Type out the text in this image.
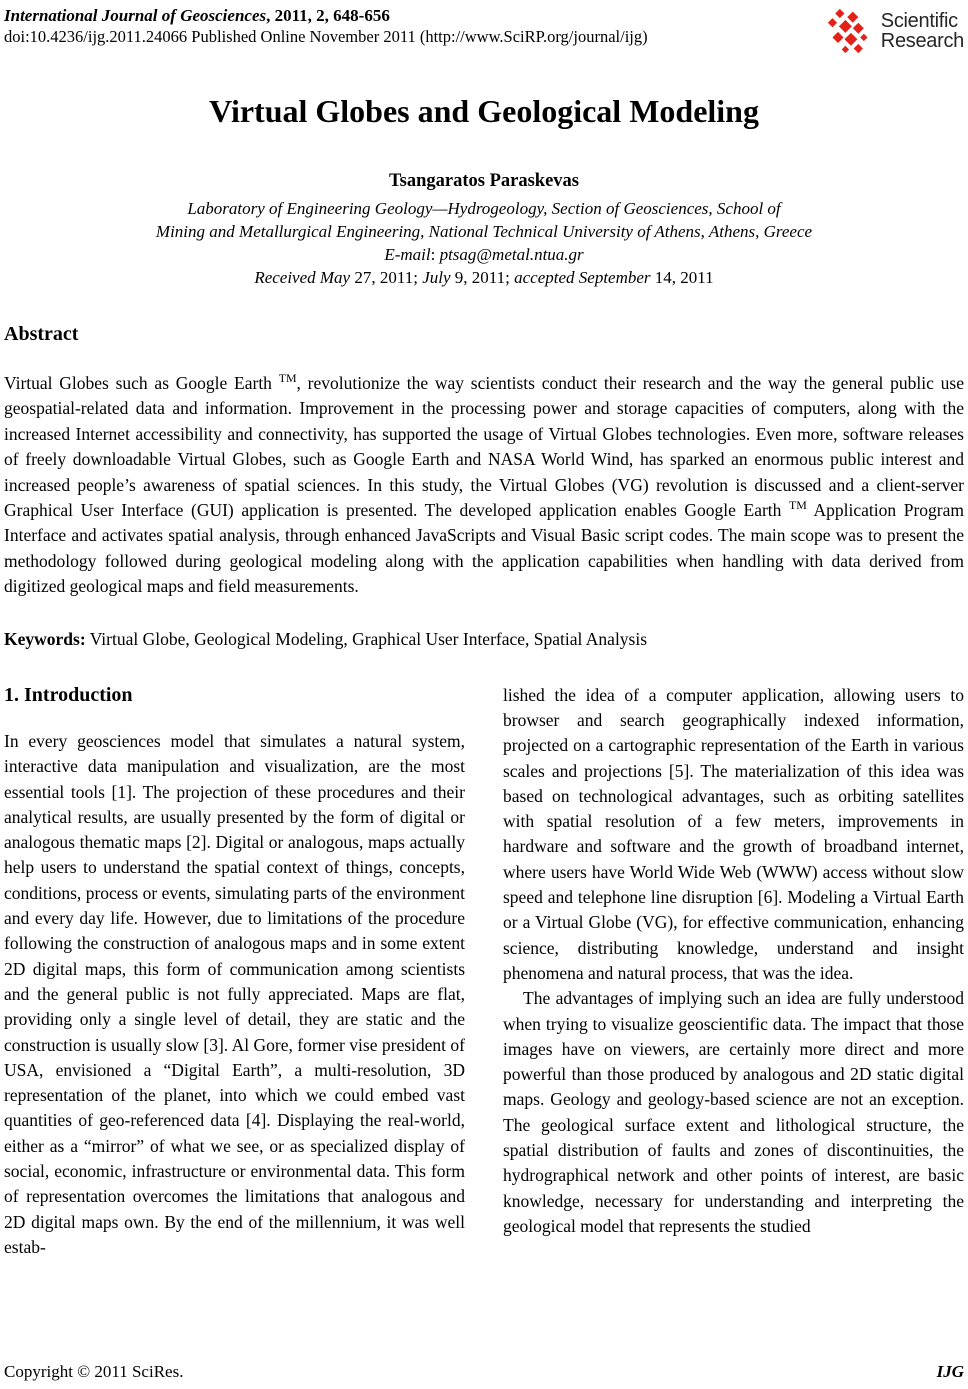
International Journal of Geosciences, 2011, 2, 648-656
doi:10.4236/ijg.2011.24066 Published Online November 2011 (http://www.SciRP.org/journal/ijg)
Scientific
Research
Virtual Globes and Geological Modeling
Tsangaratos Paraskevas
Laboratory of Engineering Geology—Hydrogeology, Section of Geosciences, School of
Mining and Metallurgical Engineering, National Technical University of Athens, Athens, Greece
E-mail: ptsag@metal.ntua.gr
Received May 27, 2011; July 9, 2011; accepted September 14, 2011
Abstract
Virtual Globes such as Google Earth ™, revolutionize the way scientists conduct their research and the way the general public use geospatial-related data and information. Improvement in the processing power and storage capacities of computers, along with the increased Internet accessibility and connectivity, has supported the usage of Virtual Globes technologies. Even more, software releases of freely downloadable Virtual Globes, such as Google Earth and NASA World Wind, has sparked an enormous public interest and increased people’s awareness of spatial sciences. In this study, the Virtual Globes (VG) revolution is discussed and a client-server Graphical User Interface (GUI) application is presented. The developed application enables Google Earth ™ Application Program Interface and activates spatial analysis, through enhanced JavaScripts and Visual Basic script codes. The main scope was to present the methodology followed during geological modeling along with the application capabilities when handling with data derived from digitized geological maps and field measurements.
Keywords: Virtual Globe, Geological Modeling, Graphical User Interface, Spatial Analysis
1. Introduction

In every geosciences model that simulates a natural system, interactive data manipulation and visualization, are the most essential tools [1]. The projection of these procedures and their analytical results, are usually presented by the form of digital or analogous thematic maps [2]. Digital or analogous, maps actually help users to understand the spatial context of things, concepts, conditions, process or events, simulating parts of the environment and every day life. However, due to limitations of the procedure following the construction of analogous maps and in some extent 2D digital maps, this form of communication among scientists and the general public is not fully appreciated. Maps are flat, providing only a single level of detail, they are static and the construction is usually slow [3]. Al Gore, former vise president of USA, envisioned a “Digital Earth”, a multi-resolution, 3D representation of the planet, into which we could embed vast quantities of geo-referenced data [4]. Displaying the real-world, either as a “mirror” of what we see, or as specialized display of social, economic, infrastructure or environmental data. This form of representation overcomes the limitations that analogous and 2D digital maps own. By the end of the millennium, it was well estab-

lished the idea of a computer application, allowing users to browser and search geographically indexed information, projected on a cartographic representation of the Earth in various scales and projections [5]. The materialization of this idea was based on technological advantages, such as orbiting satellites with spatial resolution of a few meters, improvements in hardware and software and the growth of broadband internet, where users have World Wide Web (WWW) access without slow speed and telephone line disruption [6]. Modeling a Virtual Earth or a Virtual Globe (VG), for effective communication, enhancing science, distributing knowledge, understand and insight phenomena and natural process, that was the idea.

The advantages of implying such an idea are fully understood when trying to visualize geoscientific data. The impact that those images have on viewers, are certainly more direct and more powerful than those produced by analogous and 2D static digital maps. Geology and geology-based science are not an exception. The geological surface extent and lithological structure, the spatial distribution of faults and zones of discontinuities, the hydrographical network and other points of interest, are basic knowledge, necessary for understanding and interpreting the geological model that represents the studied

Copyright © 2011 SciRes.	IJG
